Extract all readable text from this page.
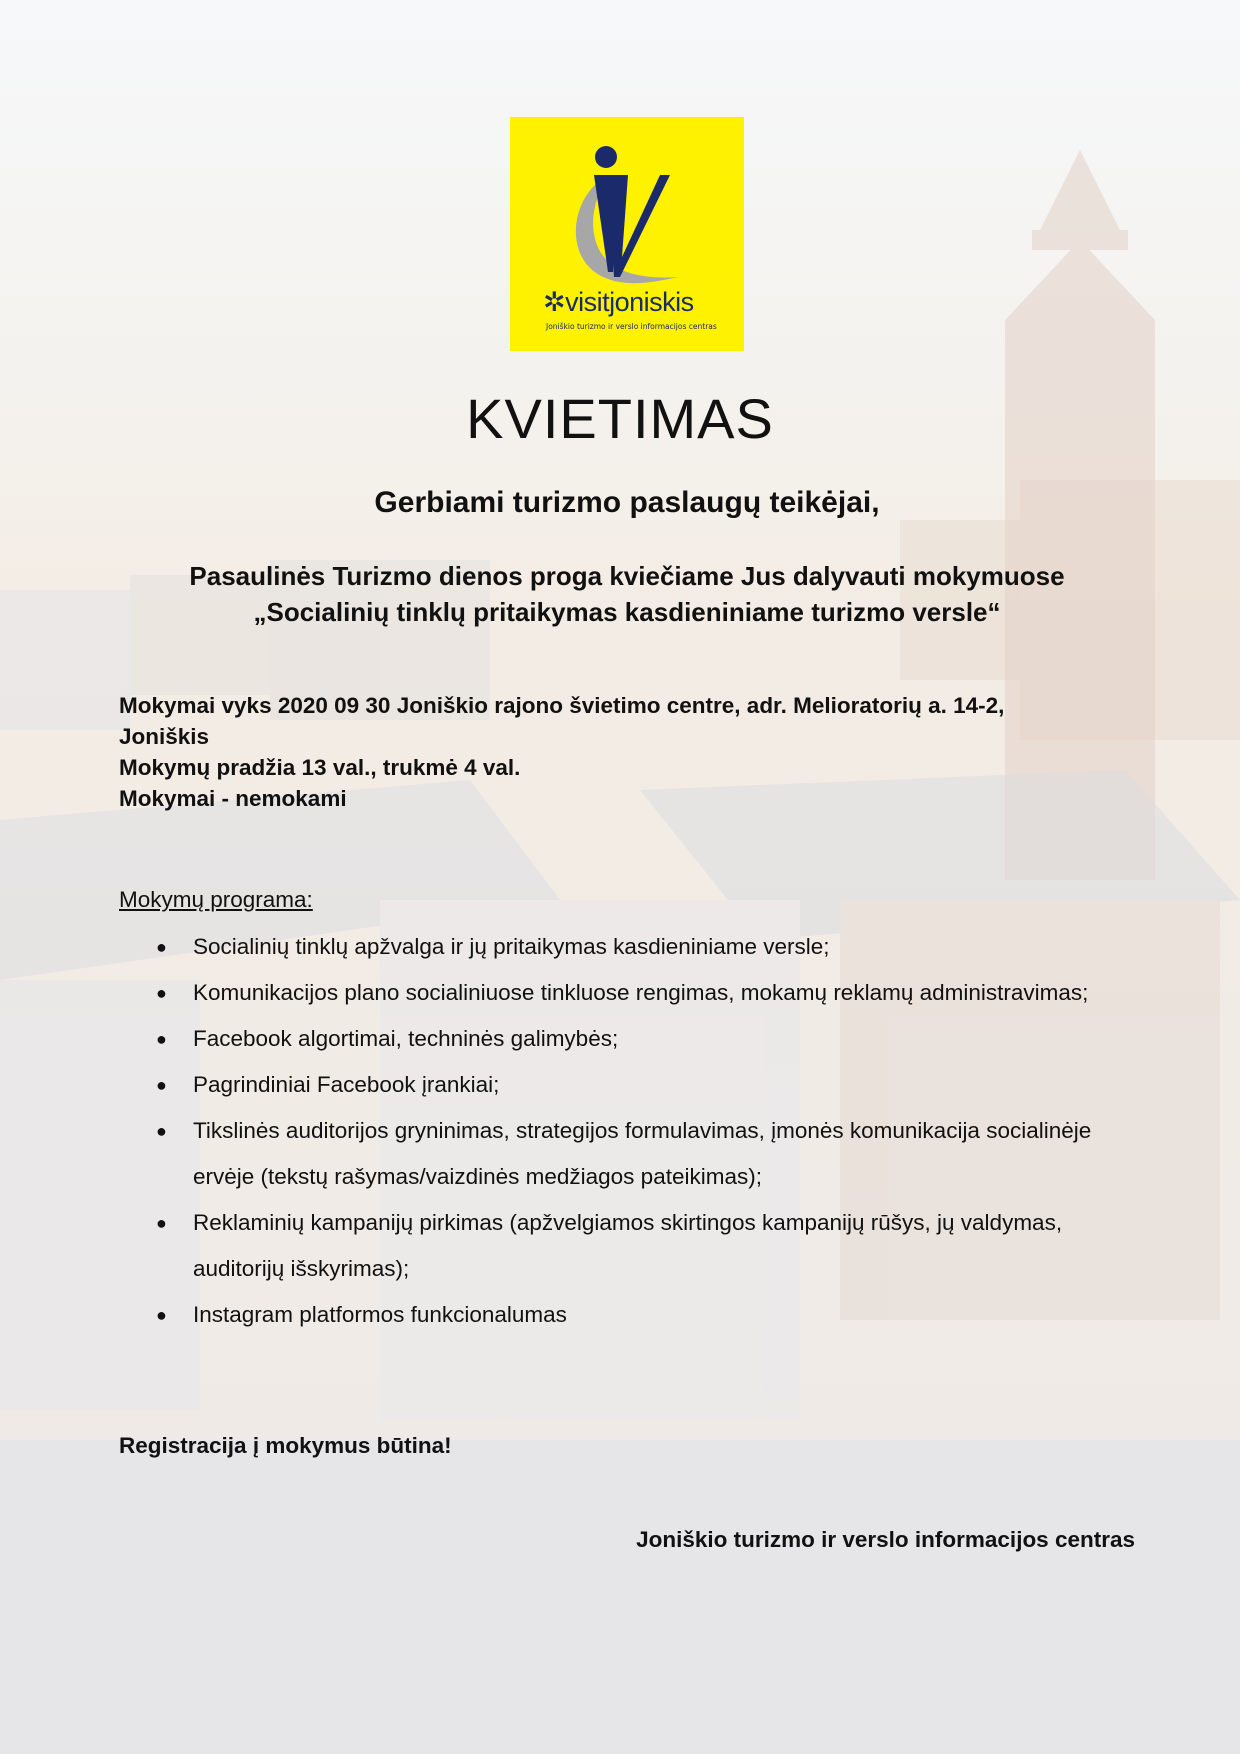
✲visitjoniskis
Joniškio turizmo ir verslo informacijos centras
KVIETIMAS
Gerbiami turizmo paslaugų teikėjai,
Pasaulinės Turizmo dienos proga kviečiame Jus dalyvauti mokymuose
„Socialinių tinklų pritaikymas kasdieniniame turizmo versle“

Mokymai vyks 2020 09 30 Joniškio rajono švietimo centre, adr. Melioratorių a. 14-2,

Joniškis

Mokymų pradžia 13 val., trukmė 4 val.

Mokymai - nemokami

Mokymų programa:
● Socialinių tinklų apžvalga ir jų pritaikymas kasdieniniame versle;
● Komunikacijos plano socialiniuose tinkluose rengimas, mokamų reklamų administravimas;
● Facebook algortimai, techninės galimybės;
● Pagrindiniai Facebook įrankiai;
● Tikslinės auditorijos gryninimas, strategijos formulavimas, įmonės komunikacija socialinėje ervėje (tekstų rašymas/vaizdinės medžiagos pateikimas);
● Reklaminių kampanijų pirkimas (apžvelgiamos skirtingos kampanijų rūšys, jų valdymas, auditorijų išskyrimas);
● Instagram platformos funkcionalumas
Registracija į mokymus būtina!
Joniškio turizmo ir verslo informacijos centras
